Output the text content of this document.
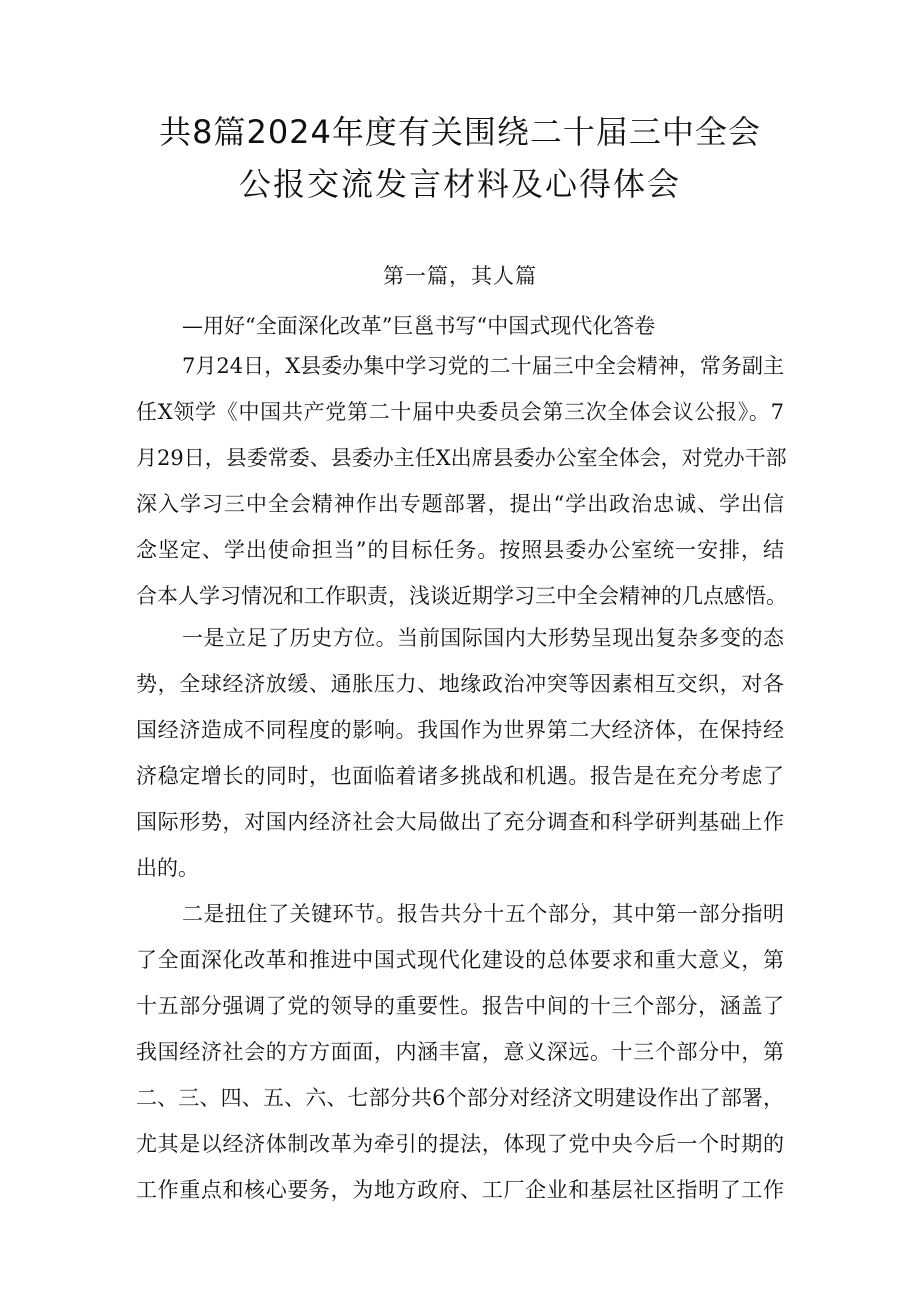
共8篇2024年度有关围绕二十届三中全会
公报交流发言材料及心得体会
第一篇，其人篇
—用好“全面深化改革”巨邕书写“中国式现代化答卷
7月24日，X县委办集中学习党的二十届三中全会精神，常务副主
任X领学《中国共产党第二十届中央委员会第三次全体会议公报》。7
月29日，县委常委、县委办主任X出席县委办公室全体会，对党办干部
深入学习三中全会精神作出专题部署，提出“学出政治忠诚、学出信
念坚定、学出使命担当”的目标任务。按照县委办公室统一安排，结
合本人学习情况和工作职责，浅谈近期学习三中全会精神的几点感悟。
一是立足了历史方位。当前国际国内大形势呈现出复杂多变的态
势，全球经济放缓、通胀压力、地缘政治冲突等因素相互交织，对各
国经济造成不同程度的影响。我国作为世界第二大经济体，在保持经
济稳定增长的同时，也面临着诸多挑战和机遇。报告是在充分考虑了
国际形势，对国内经济社会大局做出了充分调查和科学研判基础上作
出的。
二是扭住了关键环节。报告共分十五个部分，其中第一部分指明
了全面深化改革和推进中国式现代化建设的总体要求和重大意义，第
十五部分强调了党的领导的重要性。报告中间的十三个部分，涵盖了
我国经济社会的方方面面，内涵丰富，意义深远。十三个部分中，第
二、三、四、五、六、七部分共6个部分对经济文明建设作出了部署，
尤其是以经济体制改革为牵引的提法，体现了党中央今后一个时期的
工作重点和核心要务，为地方政府、工厂企业和基层社区指明了工作
